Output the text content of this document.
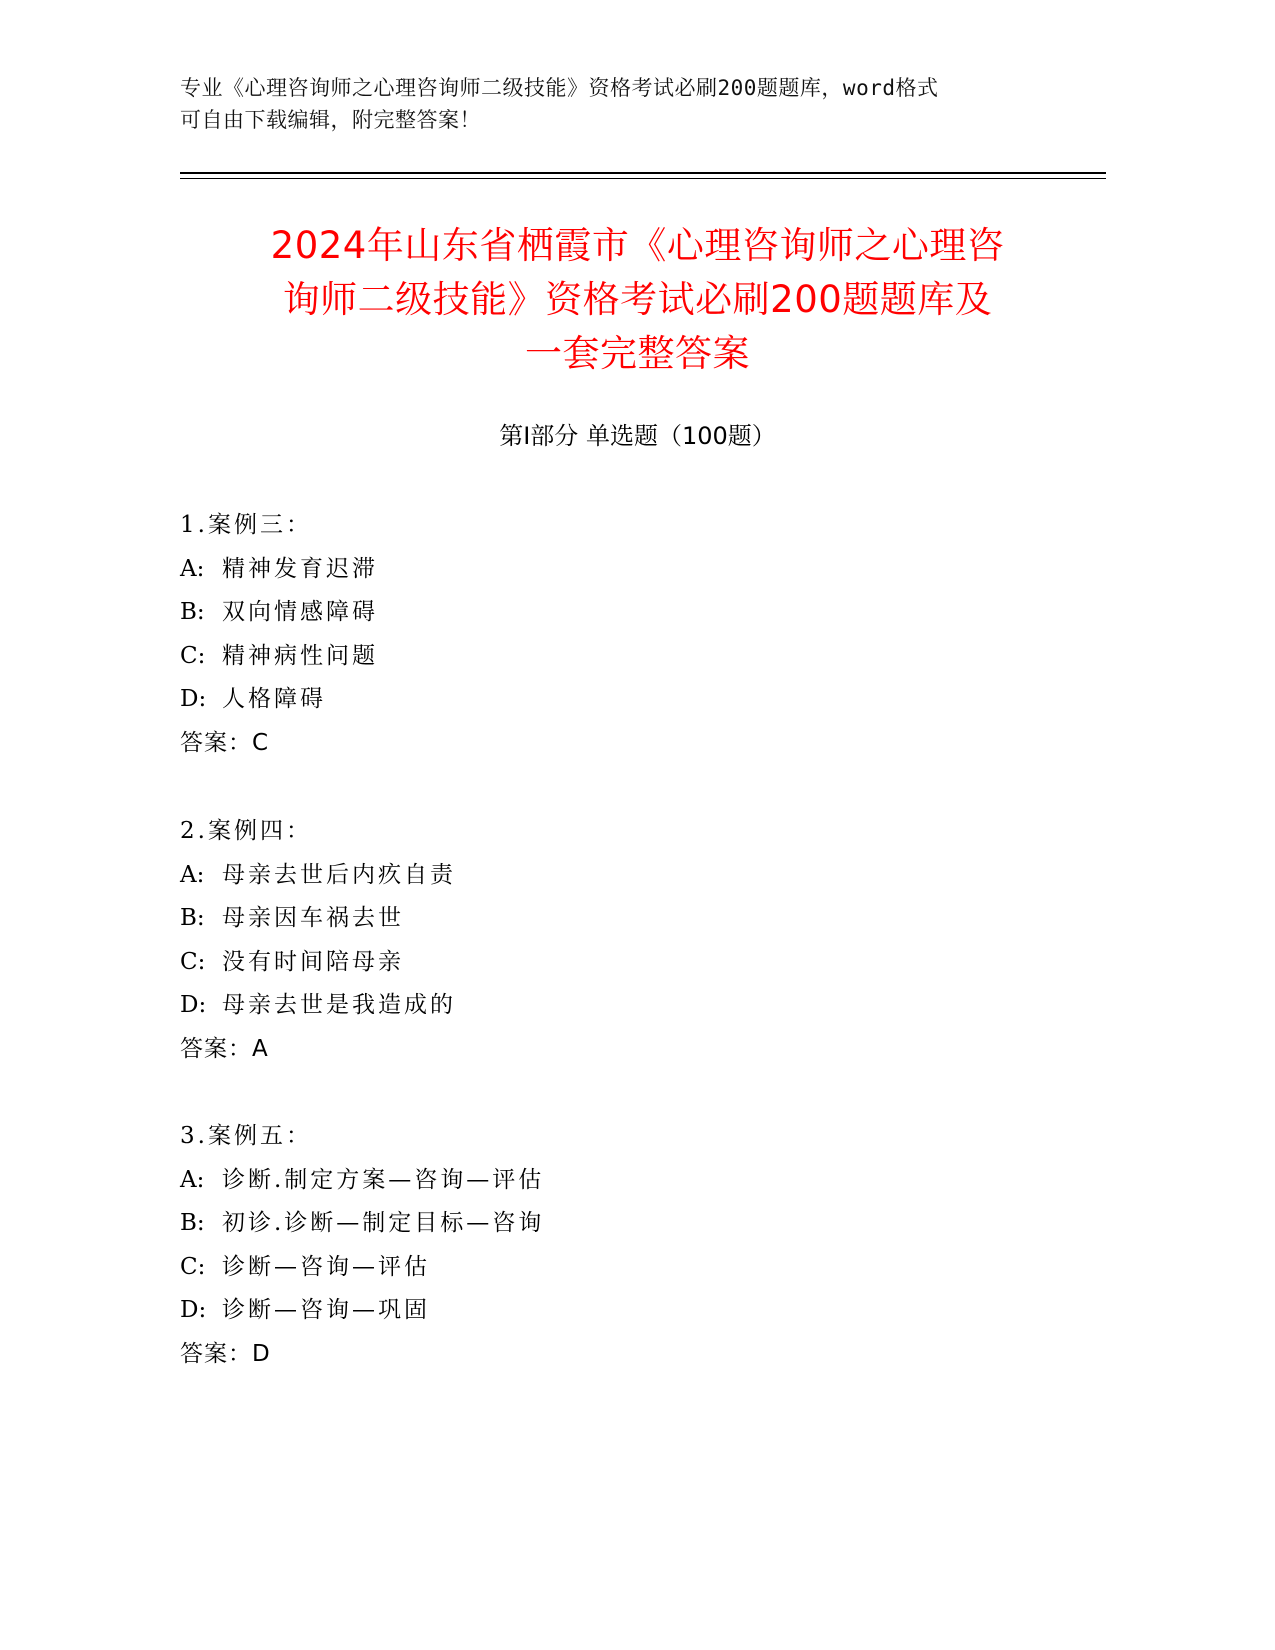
专业《心理咨询师之心理咨询师二级技能》资格考试必刷200题题库，word格式
可自由下载编辑，附完整答案！
2024年山东省栖霞市《心理咨询师之心理咨
询师二级技能》资格考试必刷200题题库及
一套完整答案
第Ⅰ部分 单选题（100题）
1.案例三：
A: 精神发育迟滞
B: 双向情感障碍
C: 精神病性问题
D: 人格障碍
答案：C
2.案例四：
A: 母亲去世后内疚自责
B: 母亲因车祸去世
C: 没有时间陪母亲
D: 母亲去世是我造成的
答案：A
3.案例五：
A: 诊断.制定方案—咨询—评估
B: 初诊.诊断—制定目标—咨询
C: 诊断—咨询—评估
D: 诊断—咨询—巩固
答案：D
